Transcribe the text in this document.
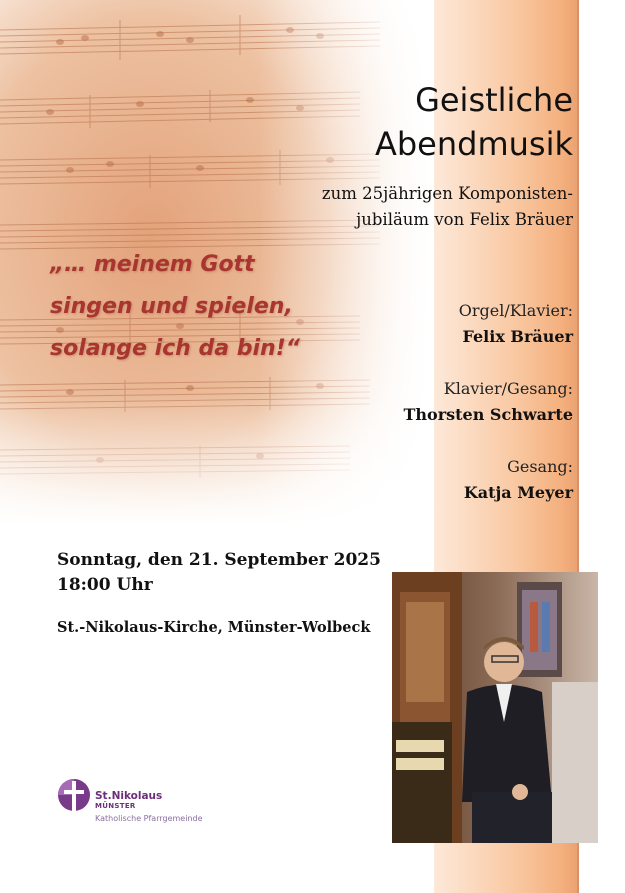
„… meinem Gott
singen und spielen,
solange ich da bin!“
Geistliche
Abendmusik
zum 25jährigen Komponisten-
jubiläum von Felix Bräuer
Orgel/Klavier:
Felix Bräuer
Klavier/Gesang:
Thorsten Schwarte
Gesang:
Katja Meyer
Sonntag, den 21. September 2025
18:00 Uhr
St.-Nikolaus-Kirche, Münster-Wolbeck
St.Nikolaus
MÜNSTER
Katholische Pfarrgemeinde
